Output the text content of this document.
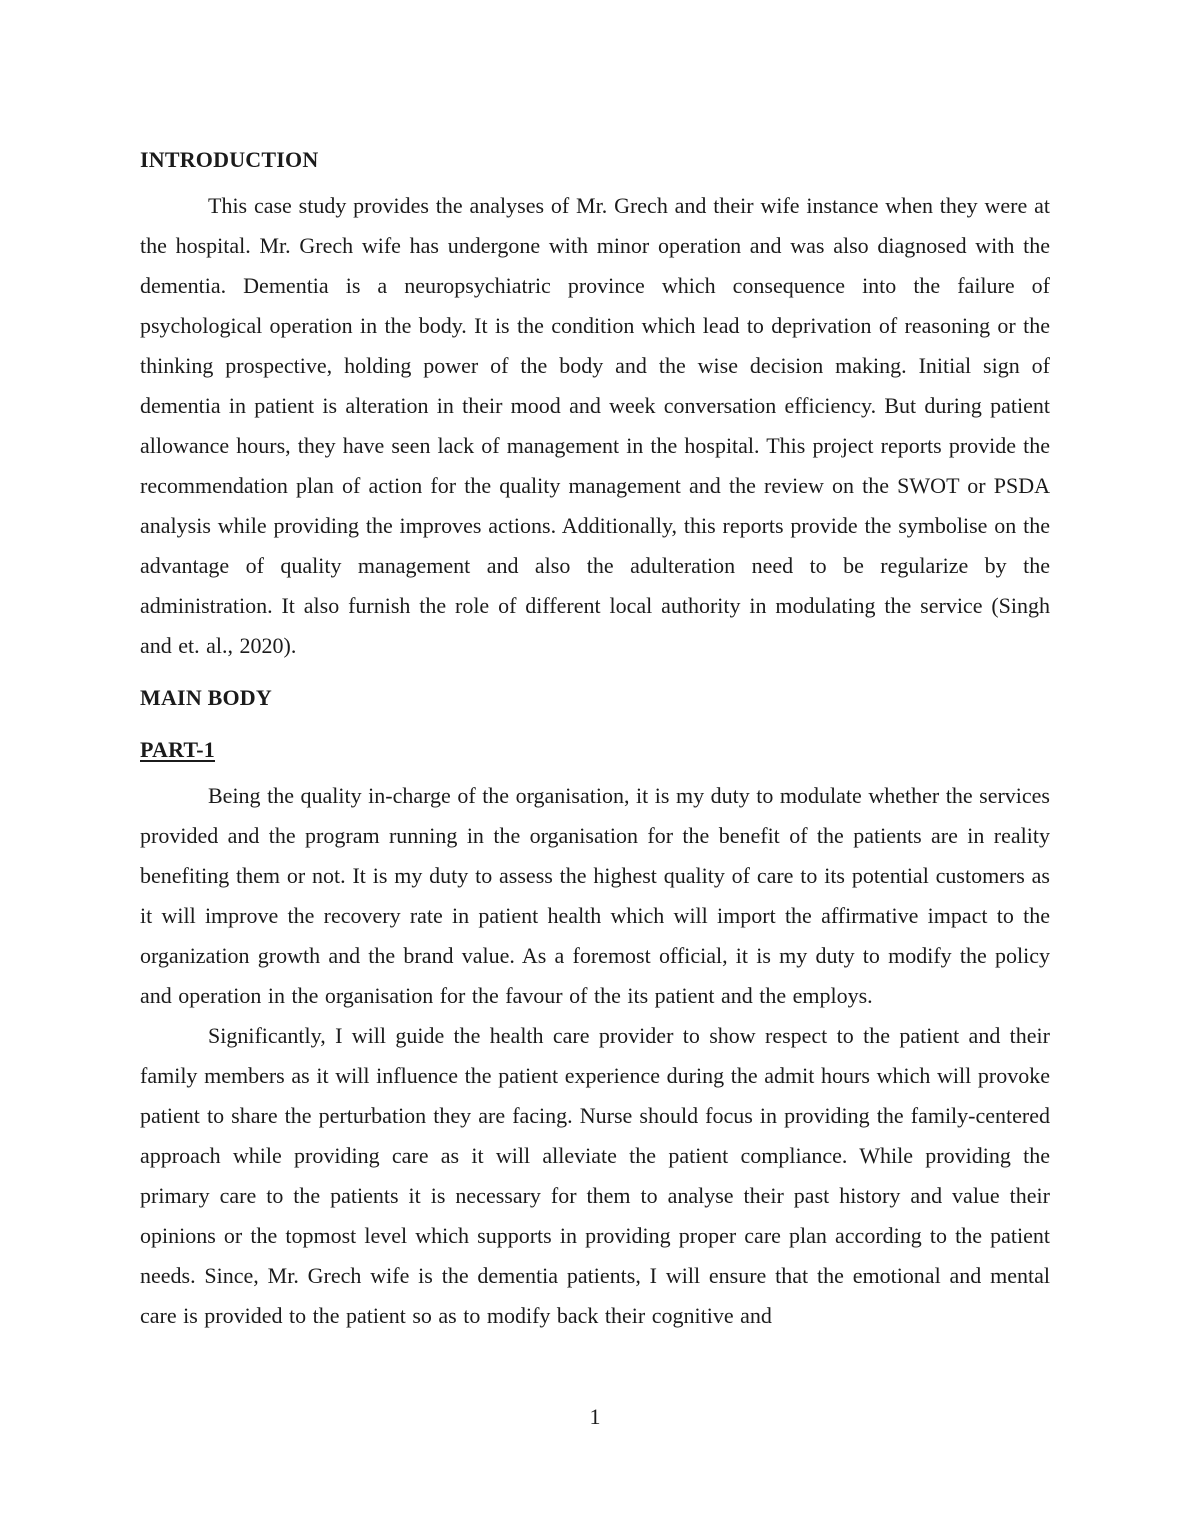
INTRODUCTION

This case study provides the analyses of Mr. Grech and their wife instance when they were at the hospital. Mr. Grech wife has undergone with minor operation and was also diagnosed with the dementia. Dementia is a neuropsychiatric province which consequence into the failure of psychological operation in the body. It is the condition which lead to deprivation of reasoning or the thinking prospective, holding power of the body and the wise decision making. Initial sign of dementia in patient is alteration in their mood and week conversation efficiency. But during patient allowance hours, they have seen lack of management in the hospital. This project reports provide the recommendation plan of action for the quality management and the review on the SWOT or PSDA analysis while providing the improves actions. Additionally, this reports provide the symbolise on the advantage of quality management and also the adulteration need to be regularize by the administration. It also furnish the role of different local authority in modulating the service (Singh and et. al., 2020).

MAIN BODY
PART-1

Being the quality in-charge of the organisation, it is my duty to modulate whether the services provided and the program running in the organisation for the benefit of the patients are in reality benefiting them or not. It is my duty to assess the highest quality of care to its potential customers as it will improve the recovery rate in patient health which will import the affirmative impact to the organization growth and the brand value. As a foremost official, it is my duty to modify the policy and operation in the organisation for the favour of the its patient and the employs.

Significantly, I will guide the health care provider to show respect to the patient and their family members as it will influence the patient experience during the admit hours which will provoke patient to share the perturbation they are facing. Nurse should focus in providing the family-centered approach while providing care as it will alleviate the patient compliance. While providing the primary care to the patients it is necessary for them to analyse their past history and value their opinions or the topmost level which supports in providing proper care plan according to the patient needs. Since, Mr. Grech wife is the dementia patients, I will ensure that the emotional and mental care is provided to the patient so as to modify back their cognitive and

1
